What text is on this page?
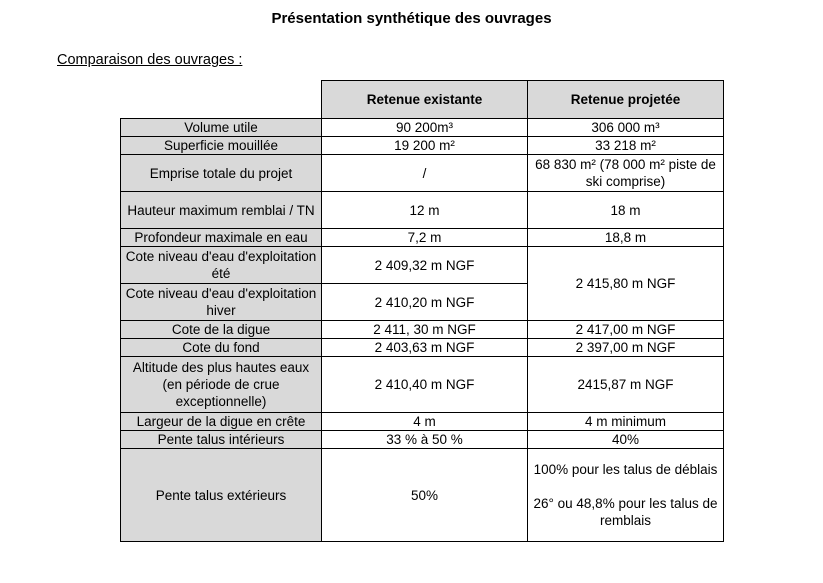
Présentation synthétique des ouvrages
Comparaison des ouvrages :
	Retenue existante	Retenue projetée
Volume utile	90 200m³	306 000 m³
Superficie mouillée	19 200 m²	33 218 m²
Emprise totale du projet	/	68 830 m² (78 000 m² piste de ski comprise)
Hauteur maximum remblai / TN	12 m	18 m
Profondeur maximale en eau	7,2 m	18,8 m
Cote niveau d'eau d'exploitation été	2 409,32 m NGF	2 415,80 m NGF
Cote niveau d'eau d'exploitation hiver	2 410,20 m NGF	
Cote de la digue	2 411, 30 m NGF	2 417,00 m NGF
Cote du fond	2 403,63 m NGF	2 397,00 m NGF
Altitude des plus hautes eaux (en période de crue exceptionnelle)	2 410,40 m NGF	2415,87 m NGF
Largeur de la digue en crête	4 m	4 m minimum
Pente talus intérieurs	33 % à 50 %	40%
Pente talus extérieurs	50%	100% pour les talus de déblais
26° ou 48,8% pour les talus de remblais
